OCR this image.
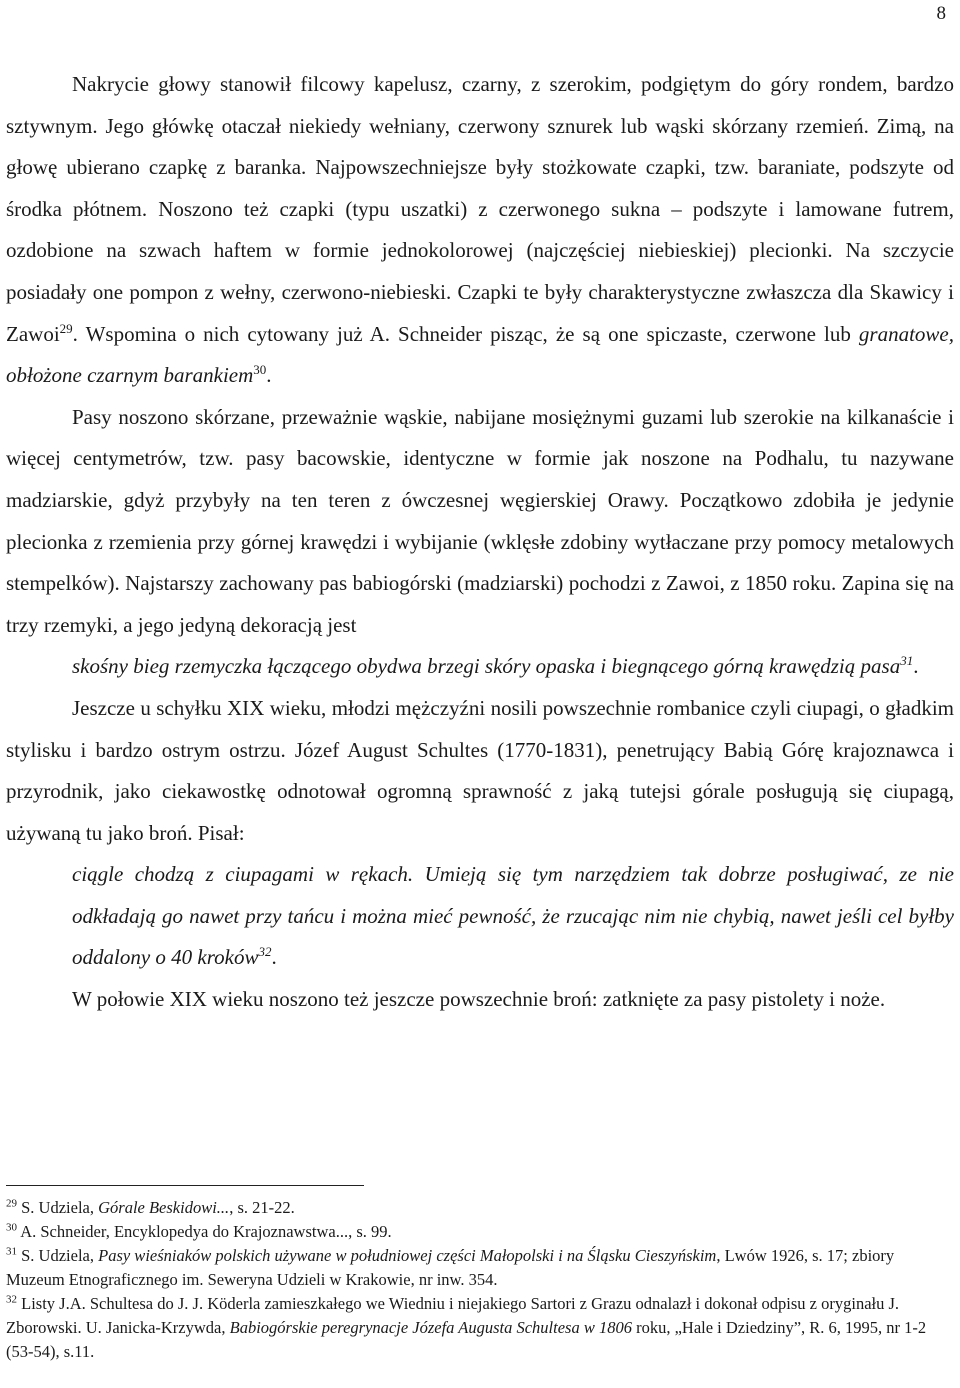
8

Nakrycie głowy stanowił filcowy kapelusz, czarny, z szerokim, podgiętym do góry rondem, bardzo sztywnym. Jego główkę otaczał niekiedy wełniany, czerwony sznurek lub wąski skórzany rzemień. Zimą, na głowę ubierano czapkę z baranka. Najpowszechniejsze były stożkowate czapki, tzw. baraniate, podszyte od środka płótnem. Noszono też czapki (typu uszatki) z czerwonego sukna – podszyte i lamowane futrem, ozdobione na szwach haftem w formie jednokolorowej (najczęściej niebieskiej) plecionki. Na szczycie posiadały one pompon z wełny, czerwono-niebieski. Czapki te były charakterystyczne zwłaszcza dla Skawicy i Zawoi$^{29}$. Wspomina o nich cytowany już A. Schneider pisząc, że są one spiczaste, czerwone lub granatowe, obłożone czarnym barankiem$^{30}$.

Pasy noszono skórzane, przeważnie wąskie, nabijane mosiężnymi guzami lub szerokie na kilkanaście i więcej centymetrów, tzw. pasy bacowskie, identyczne w formie jak noszone na Podhalu, tu nazywane madziarskie, gdyż przybyły na ten teren z ówczesnej węgierskiej Orawy. Początkowo zdobiła je jedynie plecionka z rzemienia przy górnej krawędzi i wybijanie (wklęsłe zdobiny wytłaczane przy pomocy metalowych stempelków). Najstarszy zachowany pas babiogórski (madziarski) pochodzi z Zawoi, z 1850 roku. Zapina się na trzy rzemyki, a jego jedyną dekoracją jest

skośny bieg rzemyczka łączącego obydwa brzegi skóry opaska i biegnącego górną krawędzią pasa$^{31}$.

Jeszcze u schyłku XIX wieku, młodzi mężczyźni nosili powszechnie rombanice czyli ciupagi, o gładkim stylisku i bardzo ostrym ostrzu. Józef August Schultes (1770-1831), penetrujący Babią Górę krajoznawca i przyrodnik, jako ciekawostkę odnotował ogromną sprawność z jaką tutejsi górale posługują się ciupagą, używaną tu jako broń. Pisał:

ciągle chodzą z ciupagami w rękach. Umieją się tym narzędziem tak dobrze posługiwać, ze nie odkładają go nawet przy tańcu i można mieć pewność, że rzucając nim nie chybią, nawet jeśli cel byłby oddalony o 40 kroków$^{32}$.

W połowie XIX wieku noszono też jeszcze powszechnie broń: zatknięte za pasy pistolety i noże.

$^{29}$ S. Udziela, Górale Beskidowi..., s. 21-22.

$^{30}$ A. Schneider, Encyklopedya do Krajoznawstwa..., s. 99.

$^{31}$ S. Udziela, Pasy wieśniaków polskich używane w południowej części Małopolski i na Śląsku Cieszyńskim, Lwów 1926, s. 17; zbiory Muzeum Etnograficznego im. Seweryna Udzieli w Krakowie, nr inw. 354.

$^{32}$ Listy J.A. Schultesa do J. J. Köderla zamieszkałego we Wiedniu i niejakiego Sartori z Grazu odnalazł i dokonał odpisu z oryginału J. Zborowski. U. Janicka-Krzywda, Babiogórskie peregrynacje Józefa Augusta Schultesa w 1806 roku, „Hale i Dziedziny”, R. 6, 1995, nr 1-2 (53-54), s.11.
